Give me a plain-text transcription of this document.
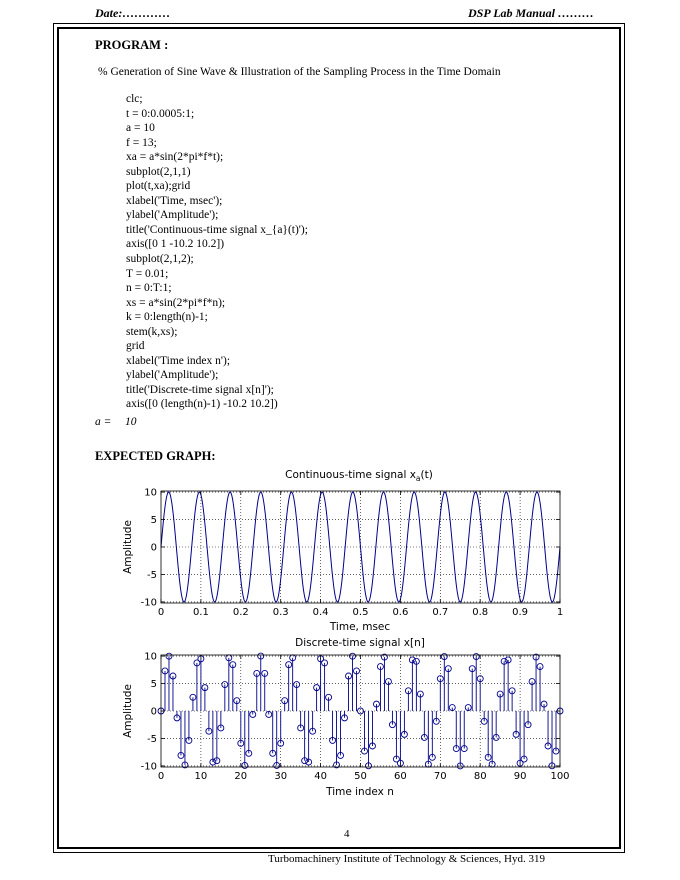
Date:…………	DSP Lab Manual ………
PROGRAM :
% Generation of Sine Wave & Illustration of the Sampling Process in the Time Domain
clc;
t = 0:0.0005:1;
a = 10
f = 13;
xa = a*sin(2*pi*f*t);
subplot(2,1,1)
plot(t,xa);grid
xlabel('Time, msec');
ylabel('Amplitude');
title('Continuous-time signal x_{a}(t)');
axis([0 1 -10.2 10.2])
subplot(2,1,2);
T = 0.01;
n = 0:T:1;
xs = a*sin(2*pi*f*n);
k = 0:length(n)-1;
stem(k,xs);
grid
xlabel('Time index n');
ylabel('Amplitude');
title('Discrete-time signal x[n]');
axis([0 (length(n)-1) -10.2 10.2])
a = 10
EXPECTED GRAPH:
Continuous-time signal $x_a(t)$
0	0.1 0.2 0.3 0.4 0.5 0.6 0.7 0.8 0.9	1
10
5
0
-5
-10
Time, msec
Amplitude
Discrete-time signal x[n]
0	10	20	30	40	50	60	70	80	90 100
10
5
0
-5
-10
Time index n
Amplitude
4
Turbomachinery Institute of Technology & Sciences, Hyd. 319
